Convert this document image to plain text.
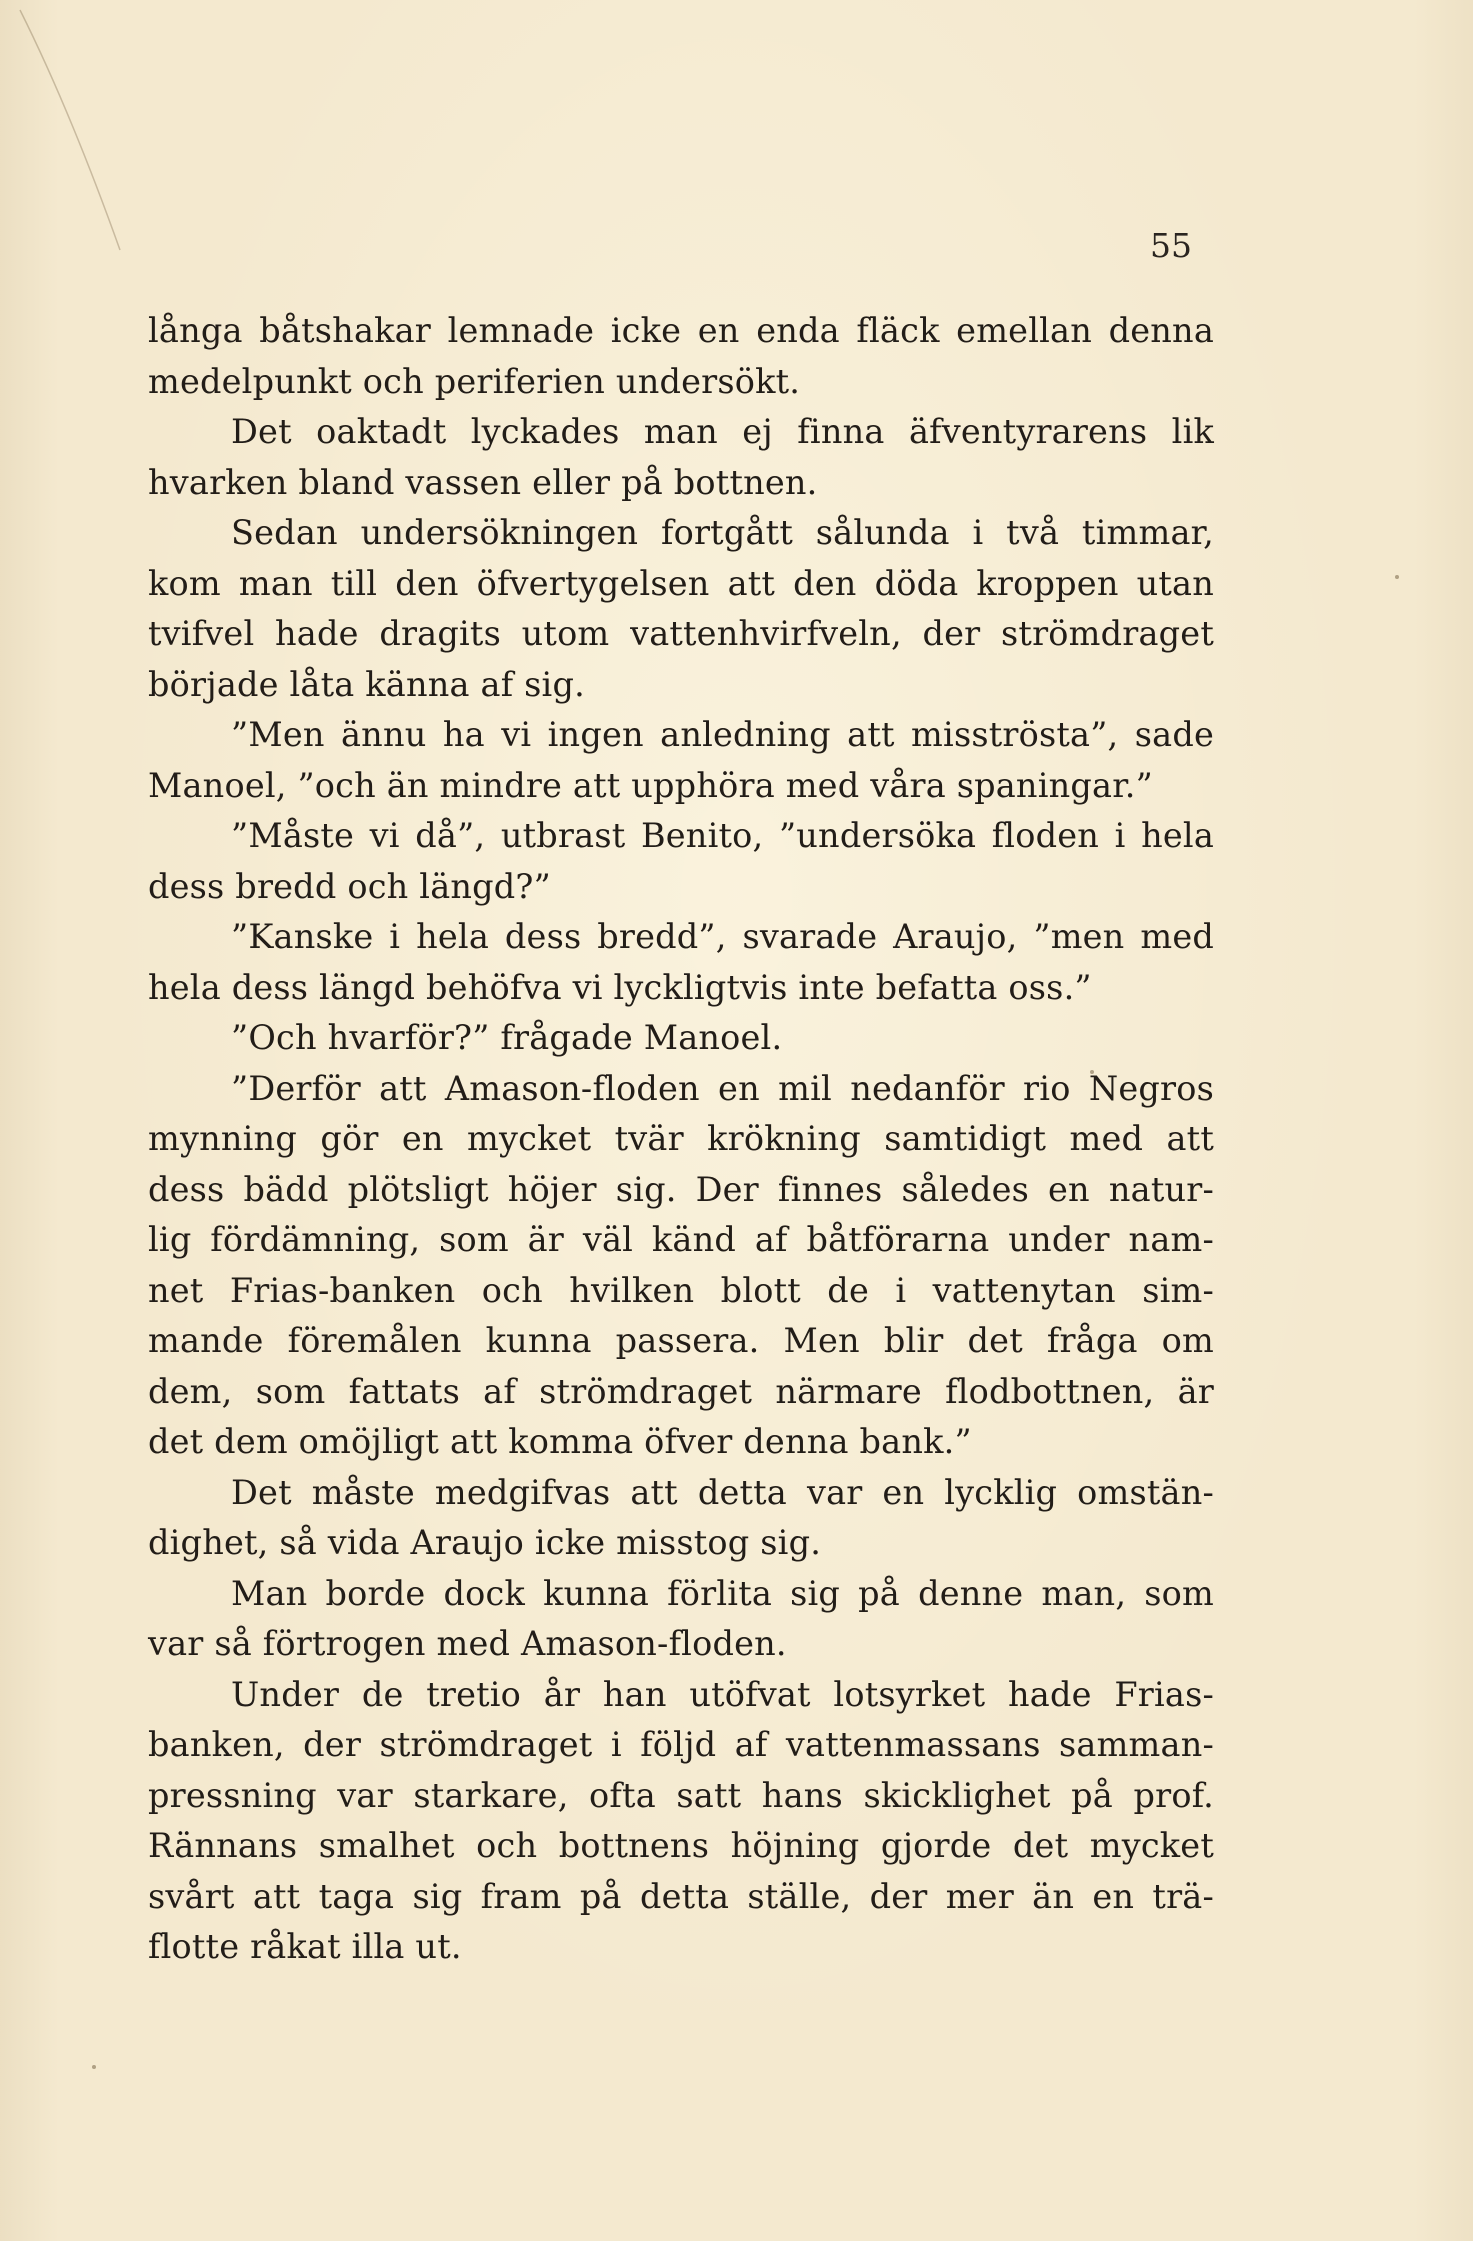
55
långa båtshakar lemnade icke en enda fläck emellan denna
medelpunkt och periferien undersökt.
Det oaktadt lyckades man ej finna äfventyrarens lik
hvarken bland vassen eller på bottnen.
Sedan undersökningen fortgått sålunda i två timmar,
kom man till den öfvertygelsen att den döda kroppen utan
tvifvel hade dragits utom vattenhvirfveln, der strömdraget
började låta känna af sig.
”Men ännu ha vi ingen anledning att misströsta”, sade
Manoel, ”och än mindre att upphöra med våra spaningar.”
”Måste vi då”, utbrast Benito, ”undersöka floden i hela
dess bredd och längd?”
”Kanske i hela dess bredd”, svarade Araujo, ”men med
hela dess längd behöfva vi lyckligtvis inte befatta oss.”
”Och hvarför?” frågade Manoel.
”Derför att Amason-floden en mil nedanför rio Negros
mynning gör en mycket tvär krökning samtidigt med att
dess bädd plötsligt höjer sig. Der finnes således en natur-
lig fördämning, som är väl känd af båtförarna under nam-
net Frias-banken och hvilken blott de i vattenytan sim-
mande föremålen kunna passera. Men blir det fråga om
dem, som fattats af strömdraget närmare flodbottnen, är
det dem omöjligt att komma öfver denna bank.”
Det måste medgifvas att detta var en lycklig omstän-
dighet, så vida Araujo icke misstog sig.
Man borde dock kunna förlita sig på denne man, som
var så förtrogen med Amason-floden.
Under de tretio år han utöfvat lotsyrket hade Frias-
banken, der strömdraget i följd af vattenmassans samman-
pressning var starkare, ofta satt hans skicklighet på prof.
Rännans smalhet och bottnens höjning gjorde det mycket
svårt att taga sig fram på detta ställe, der mer än en trä-
flotte råkat illa ut.
